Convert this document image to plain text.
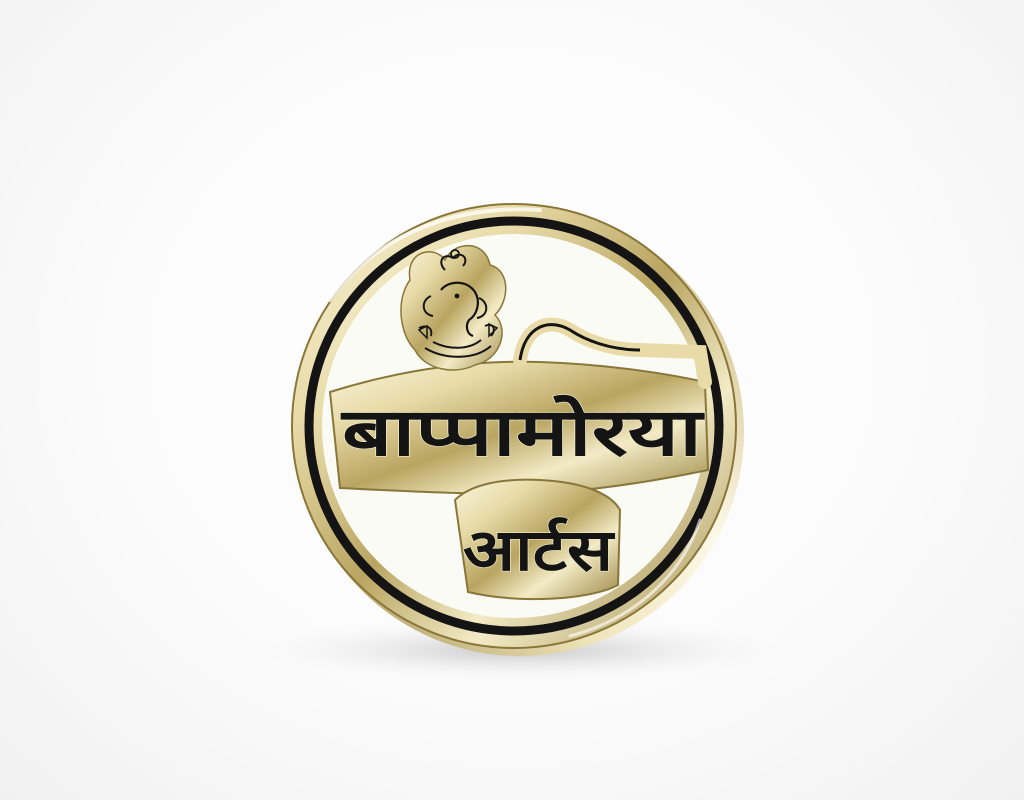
बाप्पामोरया
आर्टस
